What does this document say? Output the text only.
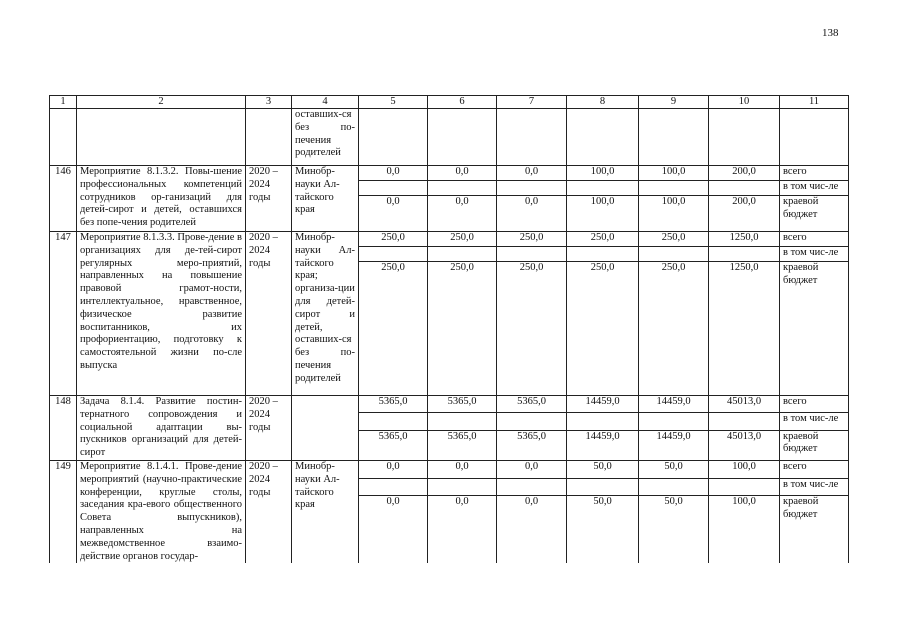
138
1	2	3	4	5	6	7	8	9	10	11
			оставших-ся без по-печения родителей							
146	Мероприятие 8.1.3.2. Повы-шение профессиональных компетенций сотрудников ор-ганизаций для детей-сирот и детей, оставшихся без попе-чения родителей	2020 – 2024 годы	Минобр-науки Ал-тайского края	0,0	0,0	0,0	100,0	100,0	200,0	всего
										в том чис-ле
				0,0	0,0	0,0	100,0	100,0	200,0	краевой бюджет
147	Мероприятие 8.1.3.3. Прове-дение в организациях для де-тей-сирот регулярных меро-приятий, направленных на повышение правовой грамот-ности, интеллектуальное, нравственное, физическое развитие воспитанников, их профориентацию, подготовку к самостоятельной жизни по-сле выпуска	2020 – 2024 годы	Минобр-науки Ал-тайского края; организа-ции для детей-сирот и детей, оставших-ся без по-печения родителей	250,0	250,0	250,0	250,0	250,0	1250,0	всего
										в том чис-ле
				250,0	250,0	250,0	250,0	250,0	1250,0	краевой бюджет
148	Задача 8.1.4. Развитие постин-тернатного сопровождения и социальной адаптации вы-пускников организаций для детей-сирот	2020 – 2024 годы		5365,0	5365,0	5365,0	14459,0	14459,0	45013,0	всего
										в том чис-ле
				5365,0	5365,0	5365,0	14459,0	14459,0	45013,0	краевой бюджет
149	Мероприятие 8.1.4.1. Прове-дение мероприятий (научно-практические конференции, круглые столы, заседания кра-евого общественного Совета выпускников), направленных на межведомственное взаимо-действие органов государ-	2020 – 2024 годы	Минобр-науки Ал-тайского края	0,0	0,0	0,0	50,0	50,0	100,0	всего
										в том чис-ле
				0,0	0,0	0,0	50,0	50,0	100,0	краевой бюджет
